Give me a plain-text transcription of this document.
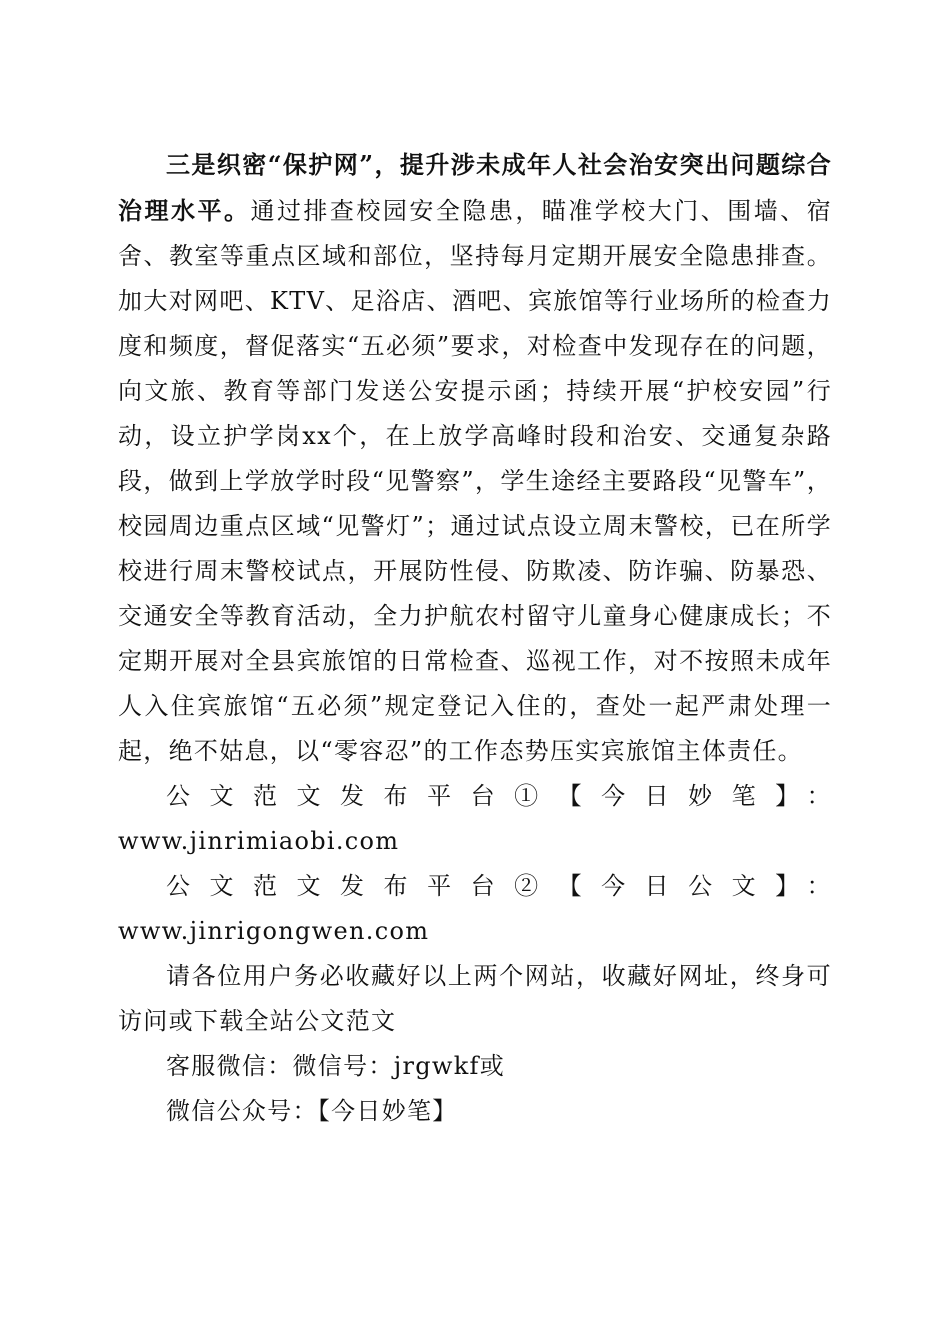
三是织密“保护网”，提升涉未成年人社会治安突出问题综合治理水平。通过排查校园安全隐患，瞄准学校大门、围墙、宿舍、教室等重点区域和部位，坚持每月定期开展安全隐患排查。加大对网吧、KTV、足浴店、酒吧、宾旅馆等行业场所的检查力度和频度，督促落实“五必须”要求，对检查中发现存在的问题，向文旅、教育等部门发送公安提示函；持续开展“护校安园”行动，设立护学岗xx个，在上放学高峰时段和治安、交通复杂路段，做到上学放学时段“见警察”，学生途经主要路段“见警车”，校园周边重点区域“见警灯”；通过试点设立周末警校，已在所学校进行周末警校试点，开展防性侵、防欺凌、防诈骗、防暴恐、交通安全等教育活动，全力护航农村留守儿童身心健康成长；不定期开展对全县宾旅馆的日常检查、巡视工作，对不按照未成年人入住宾旅馆“五必须”规定登记入住的，查处一起严肃处理一起，绝不姑息，以“零容忍”的工作态势压实宾旅馆主体责任。

公文范文发布平台①【今日妙笔】：www.jinrimiaobi.com

公文范文发布平台②【今日公文】：

www.jinrigongwen.com

请各位用户务必收藏好以上两个网站，收藏好网址，终身可访问或下载全站公文范文

客服微信：微信号：jrgwkf或

微信公众号：【今日妙笔】
